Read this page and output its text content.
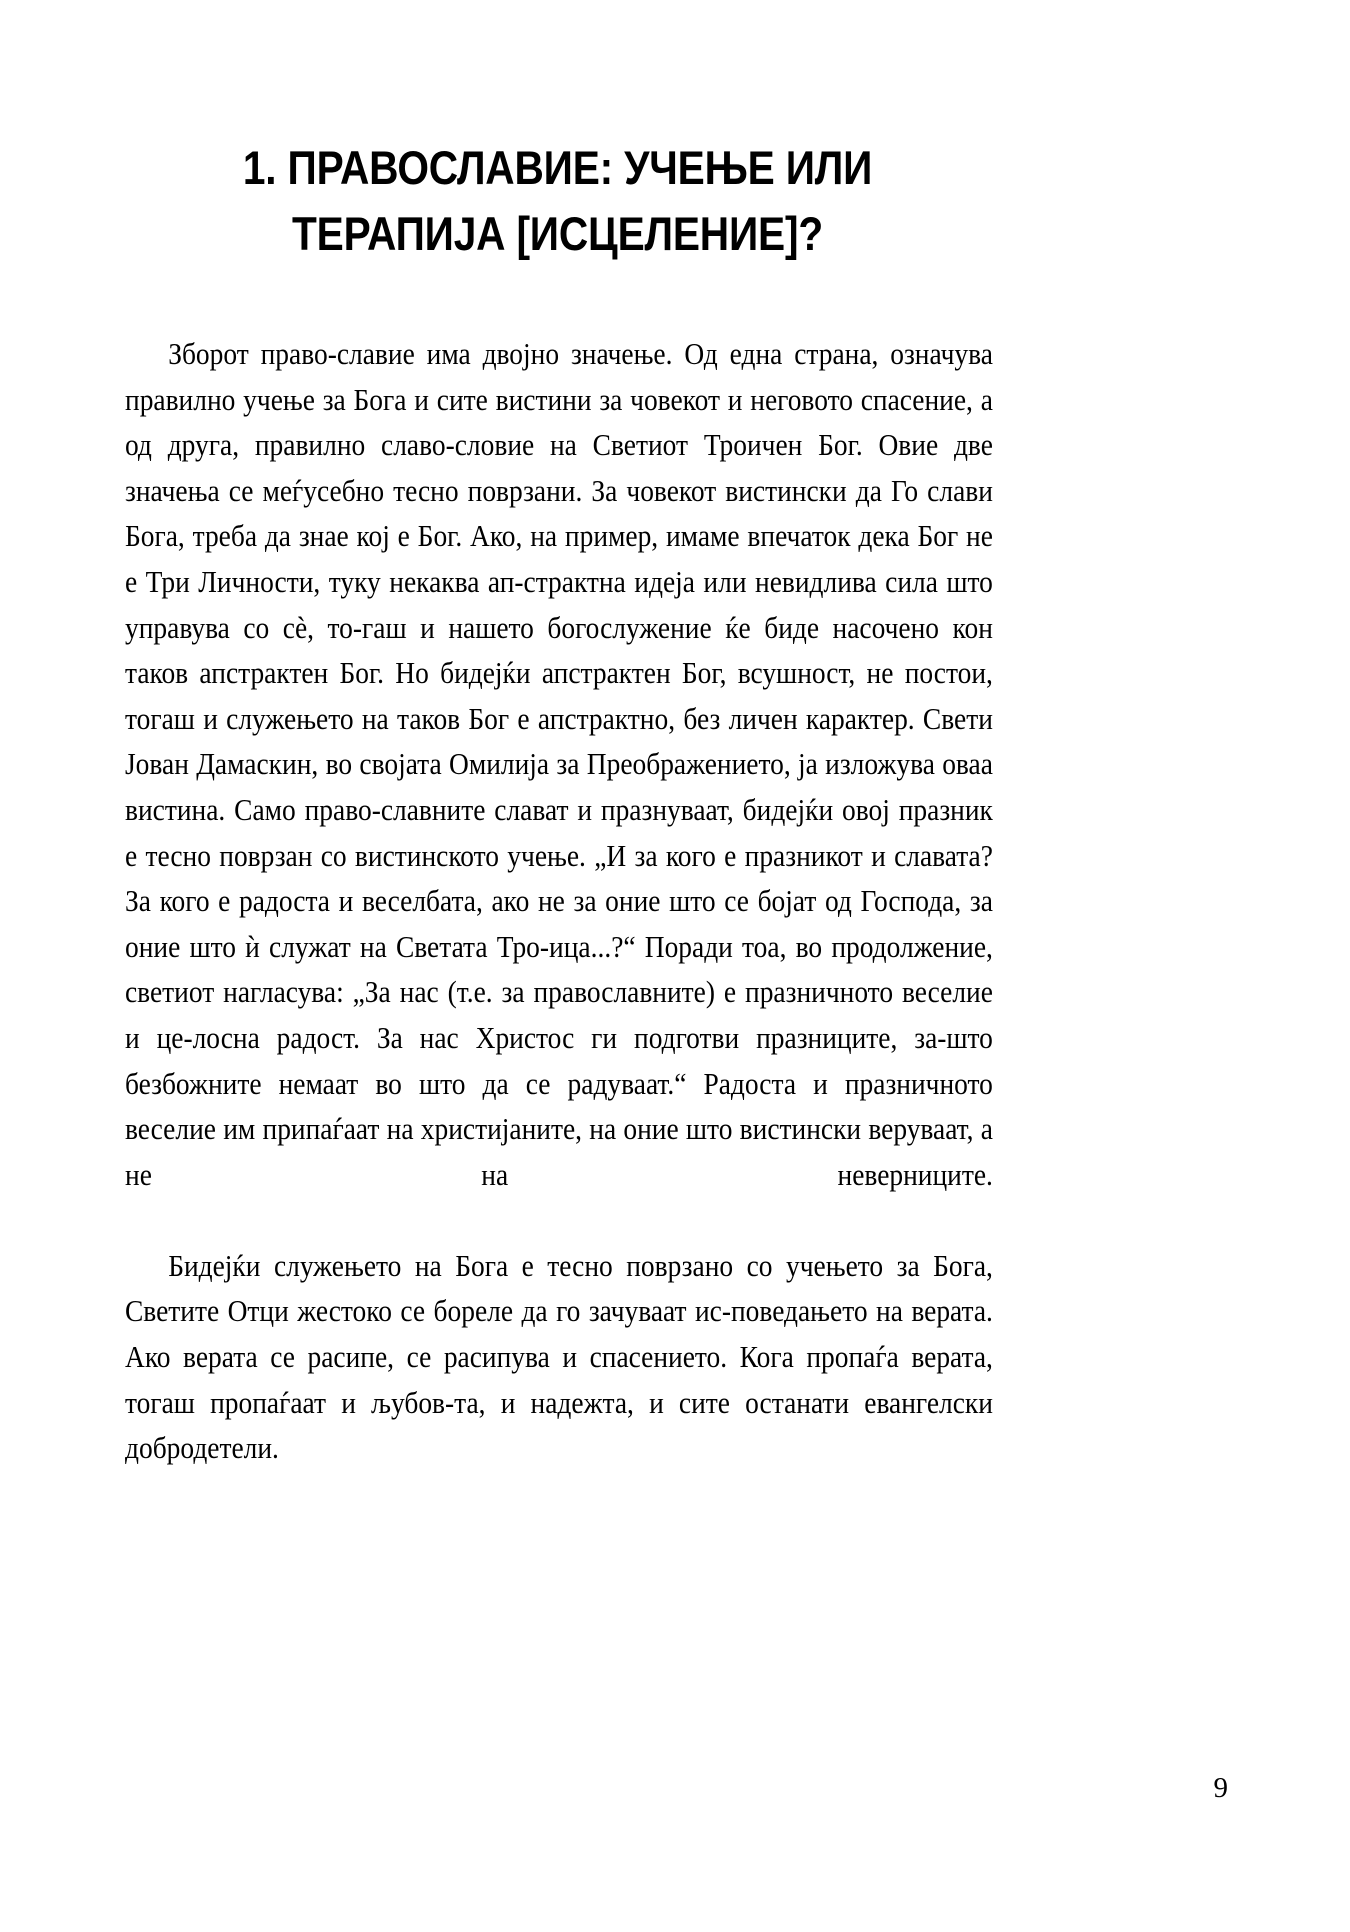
1. ПРАВОСЛАВИЕ: УЧЕЊЕ ИЛИ ТЕРАПИЈА [ИСЦЕЛЕНИЕ]?

Зборот право-славие има двојно значење. Од една страна, означува правилно учење за Бога и сите вистини за човекот и неговото спасение, а од друга, правилно славо-словие на Светиот Троичен Бог. Овие две значења се меѓусебно тесно поврзани. За човекот вистински да Го слави Бога, треба да знае кој е Бог. Ако, на пример, имаме впечаток дека Бог не е Три Личности, туку некаква ап-страктна идеја или невидлива сила што управува со сѐ, то-гаш и нашето богослужение ќе биде насочено кон таков апстрактен Бог. Но бидејќи апстрактен Бог, всушност, не постои, тогаш и служењето на таков Бог е апстрактно, без личен карактер. Свети Јован Дамаскин, во својата Омилија за Преображението, ја изложува оваа вистина. Само право-славните слават и празнуваат, бидејќи овој празник е тесно поврзан со вистинското учење. „И за кого е празникот и славата? За кого е радоста и веселбата, ако не за оние што се бојат од Господа, за оние што ѝ служат на Светата Тро-ица...?“ Поради тоа, во продолжение, светиот нагласува: „За нас (т.е. за православните) е празничното веселие и це-лосна радост. За нас Христос ги подготви празниците, за-што безбожните немаат во што да се радуваат.“ Радоста и празничното веселие им припаѓаат на христијаните, на оние што вистински веруваат, а не на неверниците.

Бидејќи служењето на Бога е тесно поврзано со учењето за Бога, Светите Отци жестоко се бореле да го зачуваат ис-поведањето на верата. Ако верата се расипе, се расипува и спасението. Кога пропаѓа верата, тогаш пропаѓаат и љубов-та, и надежта, и сите останати евангелски добродетели.

9
